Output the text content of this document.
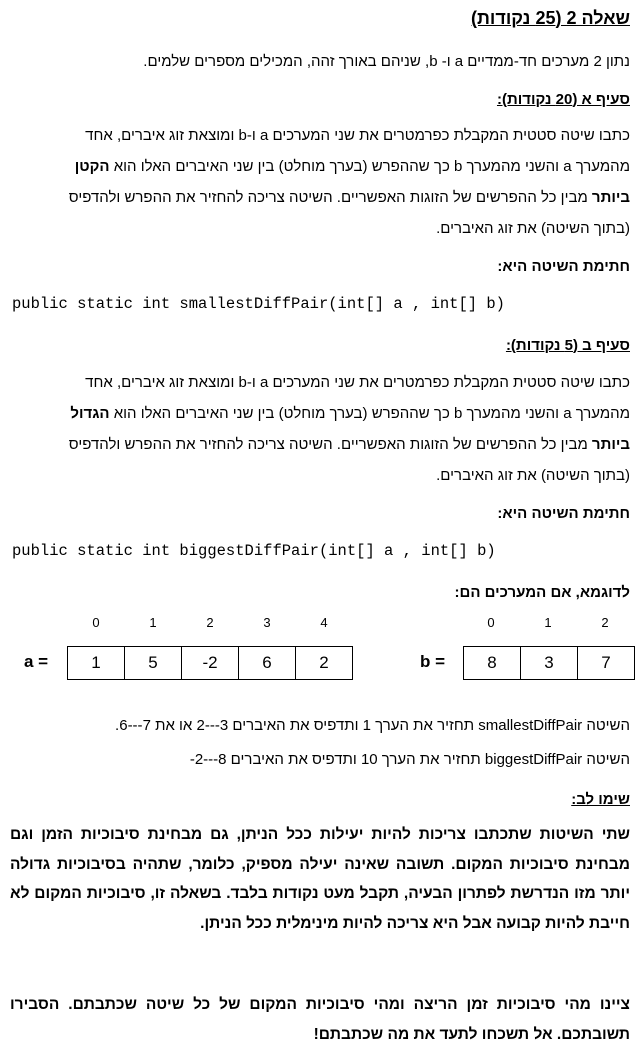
שאלה 2 (25 נקודות)
נתון 2 מערכים חד-ממדיים a ו- b, שניהם באורך זהה, המכילים מספרים שלמים.
סעיף א (20 נקודות):
כתבו שיטה סטטית המקבלת כפרמטרים את שני המערכים a ו-b ומוצאת זוג איברים, אחד
מהמערך a והשני מהמערך b כך שההפרש (בערך מוחלט) בין שני האיברים האלו הוא הקטן
ביותר מבין כל ההפרשים של הזוגות האפשריים. השיטה צריכה להחזיר את ההפרש ולהדפיס
(בתוך השיטה) את זוג האיברים.
חתימת השיטה היא:
public static int smallestDiffPair(int[] a , int[] b)
סעיף ב (5 נקודות):
כתבו שיטה סטטית המקבלת כפרמטרים את שני המערכים a ו-b ומוצאת זוג איברים, אחד
מהמערך a והשני מהמערך b כך שההפרש (בערך מוחלט) בין שני האיברים האלו הוא הגדול
ביותר מבין כל ההפרשים של הזוגות האפשריים. השיטה צריכה להחזיר את ההפרש ולהדפיס
(בתוך השיטה) את זוג האיברים.
חתימת השיטה היא:
public static int biggestDiffPair(int[] a , int[] b)
לדוגמא, אם המערכים הם:
0	1	2
0	1	2	3	4
a =	1	5	-2	6	2	b = 8	3	7
השיטה smallestDiffPair תחזיר את הערך 1 ותדפיס את האיברים 3---2 או את 7---6.
השיטה biggestDiffPair תחזיר את הערך 10 ותדפיס את האיברים 8---2-
שימו לב:
שתי השיטות שתכתבו צריכות להיות יעילות ככל הניתן, גם מבחינת סיבוכיות הזמן וגם מבחינת סיבוכיות המקום. תשובה שאינה יעילה מספיק, כלומר, שתהיה בסיבוכיות גדולה יותר מזו הנדרשת לפתרון הבעיה, תקבל מעט נקודות בלבד. בשאלה זו, סיבוכיות המקום לא חייבת להיות קבועה אבל היא צריכה להיות מינימלית ככל הניתן.
ציינו מהי סיבוכיות זמן הריצה ומהי סיבוכיות המקום של כל שיטה שכתבתם. הסבירו תשובתכם. אל תשכחו לתעד את מה שכתבתם!
